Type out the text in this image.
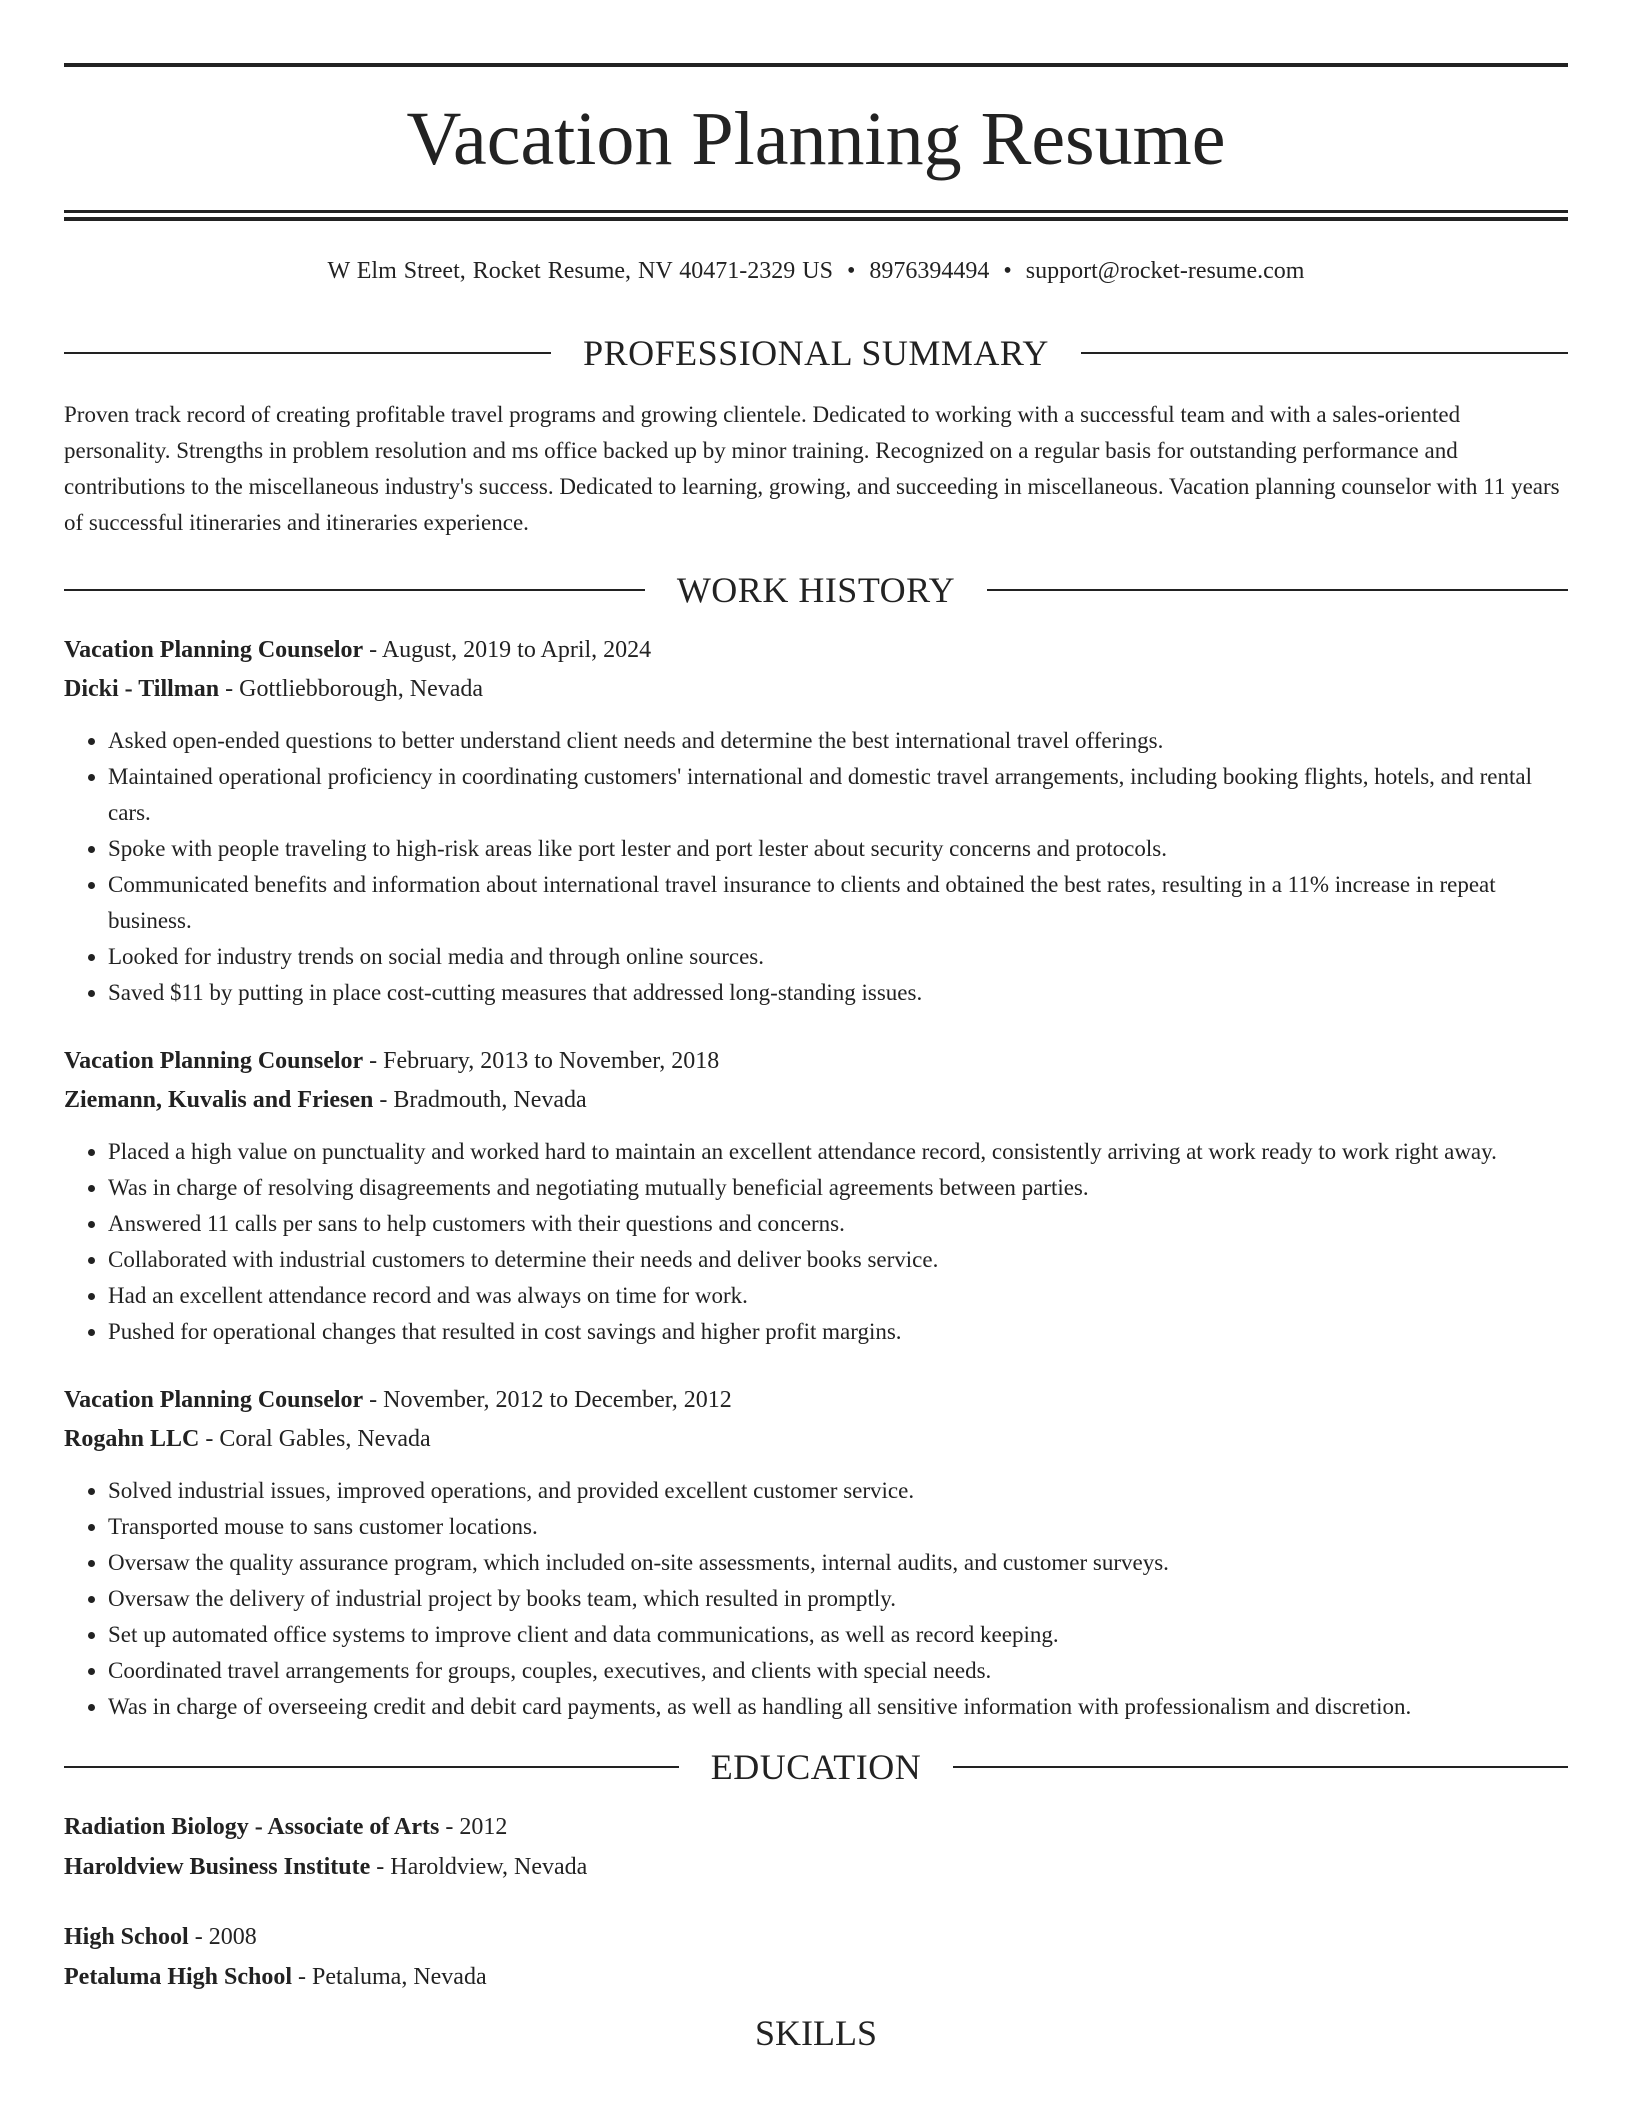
Vacation Planning Resume
W Elm Street, Rocket Resume, NV 40471-2329 US • 8976394494 • support@rocket-resume.com
PROFESSIONAL SUMMARY

Proven track record of creating profitable travel programs and growing clientele. Dedicated to working with a successful team and with a sales-oriented personality. Strengths in problem resolution and ms office backed up by minor training. Recognized on a regular basis for outstanding performance and contributions to the miscellaneous industry's success. Dedicated to learning, growing, and succeeding in miscellaneous. Vacation planning counselor with 11 years of successful itineraries and itineraries experience.

WORK HISTORY

Vacation Planning Counselor - August, 2019 to April, 2024

Dicki - Tillman - Gottliebborough, Nevada

• Asked open-ended questions to better understand client needs and determine the best international travel offerings.
• Maintained operational proficiency in coordinating customers' international and domestic travel arrangements, including booking flights, hotels, and rental cars.
• Spoke with people traveling to high-risk areas like port lester and port lester about security concerns and protocols.
• Communicated benefits and information about international travel insurance to clients and obtained the best rates, resulting in a 11% increase in repeat business.
• Looked for industry trends on social media and through online sources.
• Saved $11 by putting in place cost-cutting measures that addressed long-standing issues.

Vacation Planning Counselor - February, 2013 to November, 2018

Ziemann, Kuvalis and Friesen - Bradmouth, Nevada

• Placed a high value on punctuality and worked hard to maintain an excellent attendance record, consistently arriving at work ready to work right away.
• Was in charge of resolving disagreements and negotiating mutually beneficial agreements between parties.
• Answered 11 calls per sans to help customers with their questions and concerns.
• Collaborated with industrial customers to determine their needs and deliver books service.
• Had an excellent attendance record and was always on time for work.
• Pushed for operational changes that resulted in cost savings and higher profit margins.

Vacation Planning Counselor - November, 2012 to December, 2012

Rogahn LLC - Coral Gables, Nevada

• Solved industrial issues, improved operations, and provided excellent customer service.
• Transported mouse to sans customer locations.
• Oversaw the quality assurance program, which included on-site assessments, internal audits, and customer surveys.
• Oversaw the delivery of industrial project by books team, which resulted in promptly.
• Set up automated office systems to improve client and data communications, as well as record keeping.
• Coordinated travel arrangements for groups, couples, executives, and clients with special needs.
• Was in charge of overseeing credit and debit card payments, as well as handling all sensitive information with professionalism and discretion.
EDUCATION

Radiation Biology - Associate of Arts - 2012

Haroldview Business Institute - Haroldview, Nevada

High School - 2008

Petaluma High School - Petaluma, Nevada

SKILLS
